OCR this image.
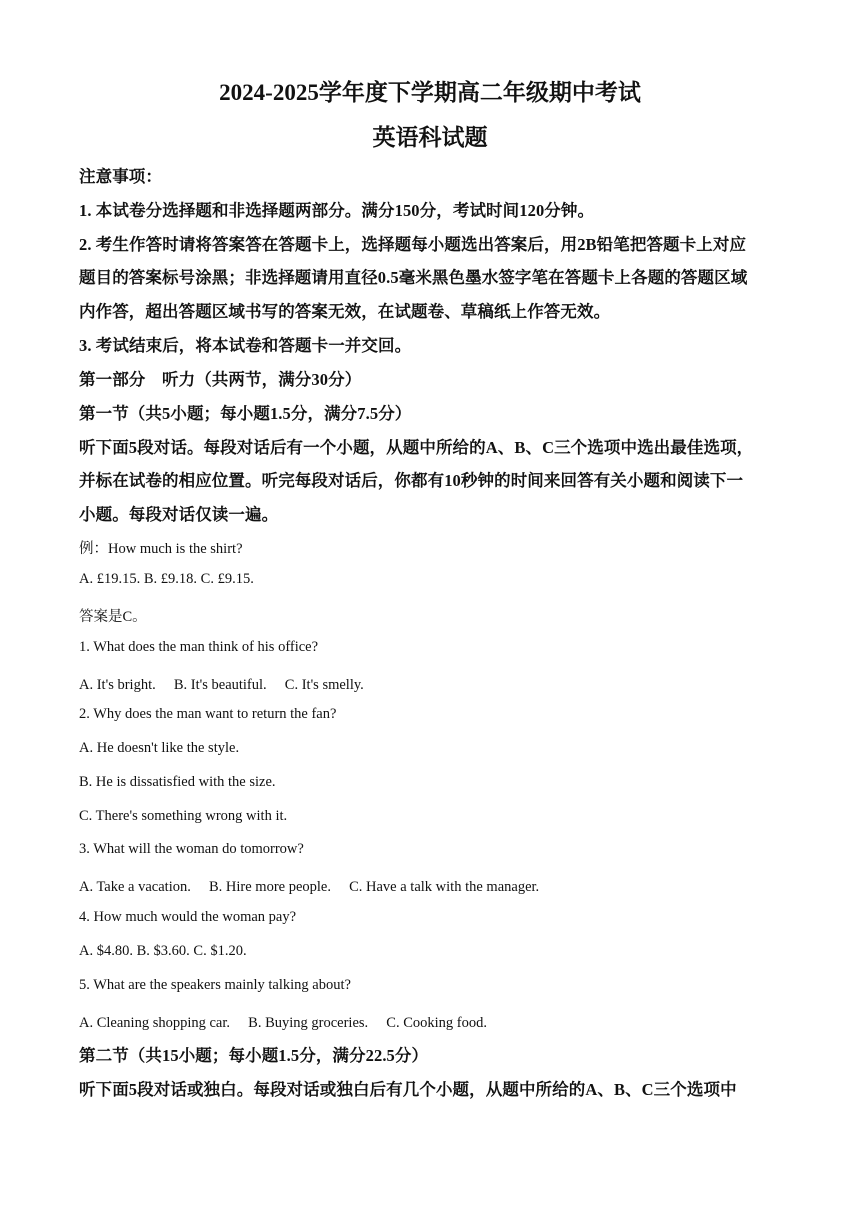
2024-2025学年度下学期高二年级期中考试
英语科试题
注意事项：
1. 本试卷分选择题和非选择题两部分。满分150分，考试时间120分钟。
2. 考生作答时请将答案答在答题卡上，选择题每小题选出答案后，用2B铅笔把答题卡上对应
题目的答案标号涂黑；非选择题请用直径0.5毫米黑色墨水签字笔在答题卡上各题的答题区域
内作答，超出答题区域书写的答案无效，在试题卷、草稿纸上作答无效。
3. 考试结束后，将本试卷和答题卡一并交回。
第一部分　听力（共两节，满分30分）
第一节（共5小题；每小题1.5分，满分7.5分）
听下面5段对话。每段对话后有一个小题，从题中所给的A、B、C三个选项中选出最佳选项，
并标在试卷的相应位置。听完每段对话后，你都有10秒钟的时间来回答有关小题和阅读下一
小题。每段对话仅读一遍。
例：How much is the shirt?
A. £19.15. B. £9.18. C. £9.15.
答案是C。
1. What does the man think of his office?
A. It's bright.　 B. It's beautiful.　 C. It's smelly.
2. Why does the man want to return the fan?
A. He doesn't like the style.
B. He is dissatisfied with the size.
C. There's something wrong with it.
3. What will the woman do tomorrow?
A. Take a vacation.　 B. Hire more people.　 C. Have a talk with the manager.
4. How much would the woman pay?
A. $4.80. B. $3.60. C. $1.20.
5. What are the speakers mainly talking about?
A. Cleaning shopping car.　 B. Buying groceries.　 C. Cooking food.
第二节（共15小题；每小题1.5分，满分22.5分）
听下面5段对话或独白。每段对话或独白后有几个小题，从题中所给的A、B、C三个选项中
